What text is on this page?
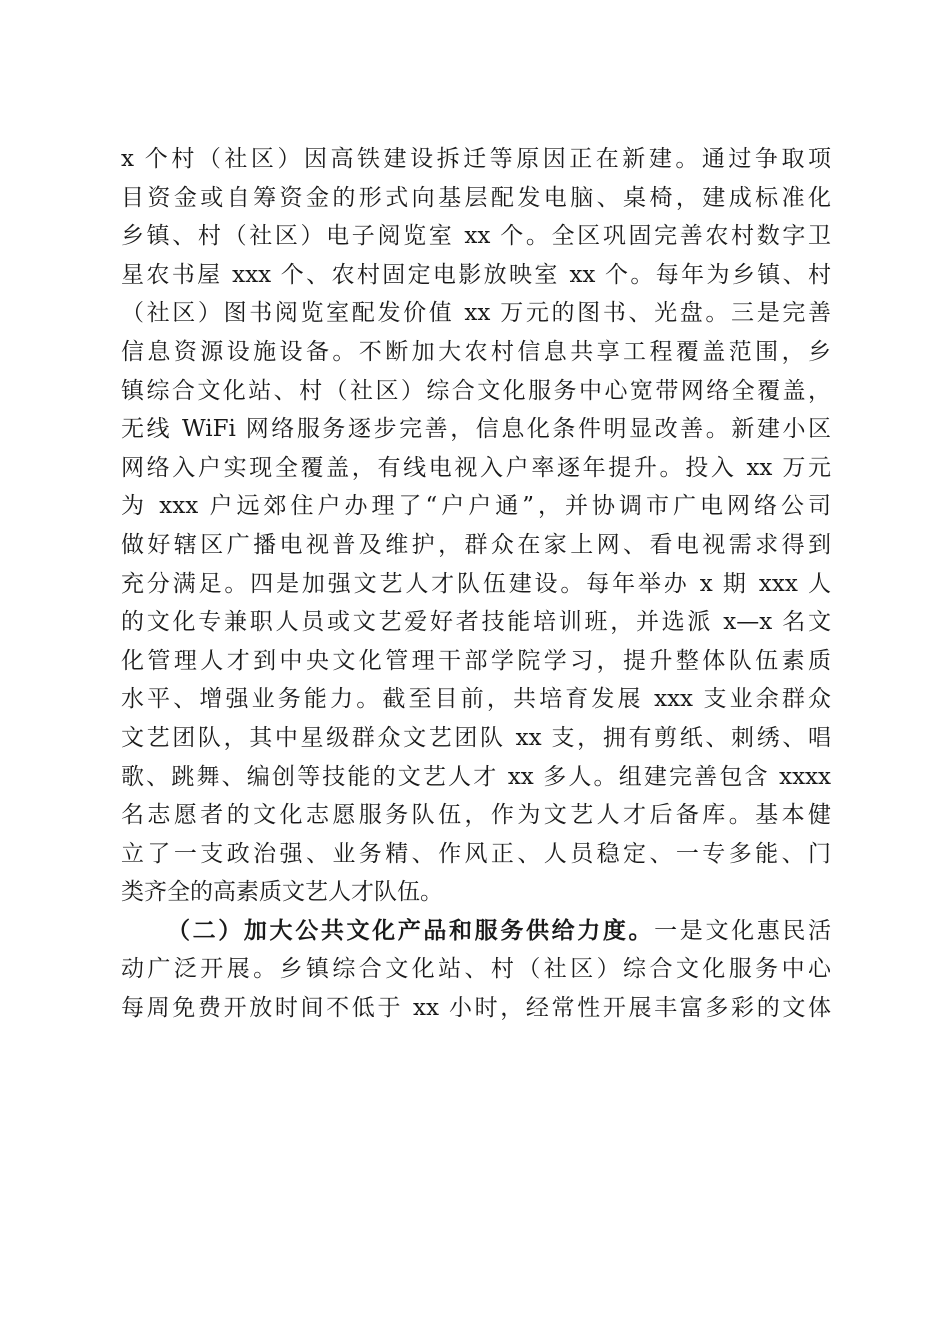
x 个村（社区）因高铁建设拆迁等原因正在新建。通过争取项
目资金或自筹资金的形式向基层配发电脑、桌椅，建成标准化
乡镇、村（社区）电子阅览室 xx 个。全区巩固完善农村数字卫
星农书屋 xxx 个、农村固定电影放映室 xx 个。每年为乡镇、村
（社区）图书阅览室配发价值 xx 万元的图书、光盘。三是完善
信息资源设施设备。不断加大农村信息共享工程覆盖范围，乡
镇综合文化站、村（社区）综合文化服务中心宽带网络全覆盖，
无线 WiFi 网络服务逐步完善，信息化条件明显改善。新建小区
网络入户实现全覆盖，有线电视入户率逐年提升。投入 xx 万元
为 xxx 户远郊住户办理了“户户通”，并协调市广电网络公司
做好辖区广播电视普及维护，群众在家上网、看电视需求得到
充分满足。四是加强文艺人才队伍建设。每年举办 x 期 xxx 人
的文化专兼职人员或文艺爱好者技能培训班，并选派 x—x 名文
化管理人才到中央文化管理干部学院学习，提升整体队伍素质
水平、增强业务能力。截至目前，共培育发展 xxx 支业余群众
文艺团队，其中星级群众文艺团队 xx 支，拥有剪纸、刺绣、唱
歌、跳舞、编创等技能的文艺人才 xx 多人。组建完善包含 xxxx
名志愿者的文化志愿服务队伍，作为文艺人才后备库。基本健
立了一支政治强、业务精、作风正、人员稳定、一专多能、门
类齐全的高素质文艺人才队伍。
（二）加大公共文化产品和服务供给力度。一是文化惠民活
动广泛开展。乡镇综合文化站、村（社区）综合文化服务中心
每周免费开放时间不低于 xx 小时，经常性开展丰富多彩的文体
